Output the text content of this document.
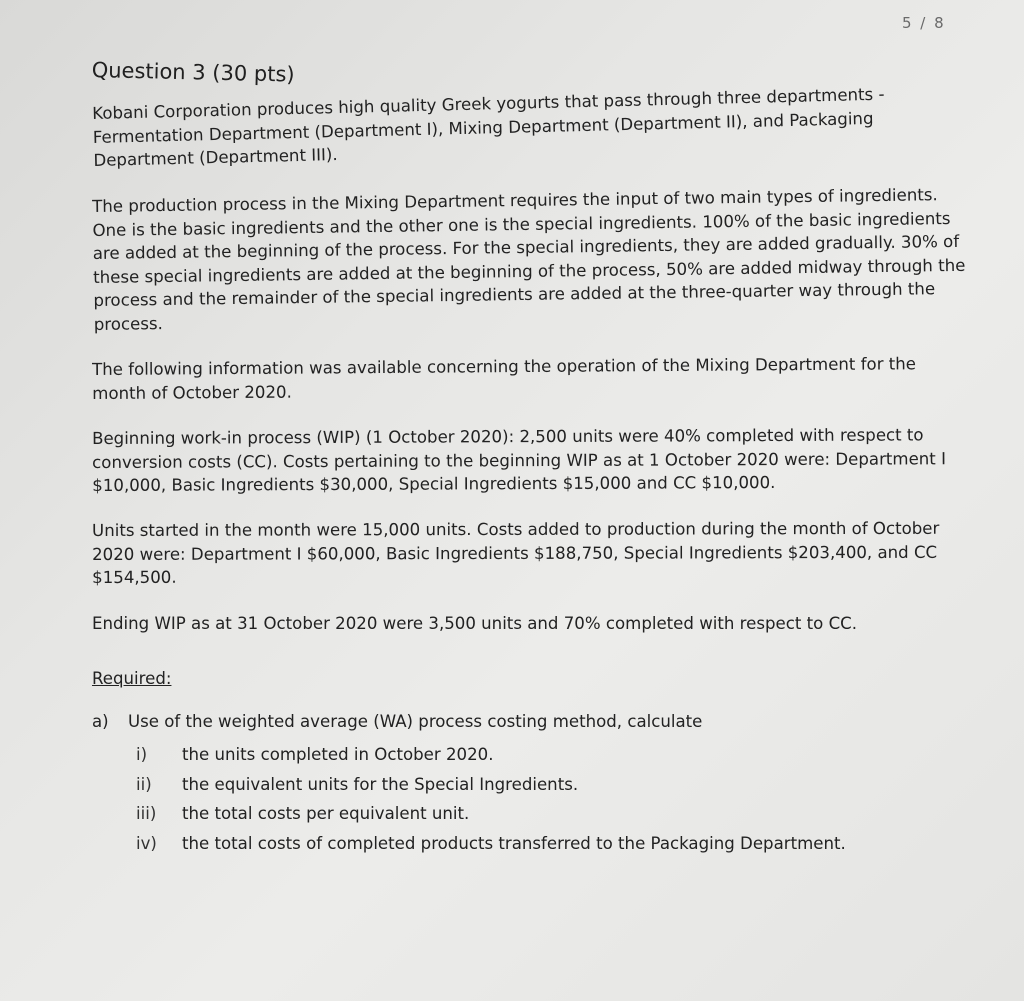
5 / 8
Question 3 (30 pts)

Kobani Corporation produces high quality Greek yogurts that pass through three departments - Fermentation Department (Department I), Mixing Department (Department II), and Packaging Department (Department III).

The production process in the Mixing Department requires the input of two main types of ingredients. One is the basic ingredients and the other one is the special ingredients. 100% of the basic ingredients are added at the beginning of the process. For the special ingredients, they are added gradually. 30% of these special ingredients are added at the beginning of the process, 50% are added midway through the process and the remainder of the special ingredients are added at the three-quarter way through the process.

The following information was available concerning the operation of the Mixing Department for the month of October 2020.

Beginning work-in process (WIP) (1 October 2020): 2,500 units were 40% completed with respect to conversion costs (CC). Costs pertaining to the beginning WIP as at 1 October 2020 were: Department I $10,000, Basic Ingredients $30,000, Special Ingredients $15,000 and CC $10,000.

Units started in the month were 15,000 units. Costs added to production during the month of October 2020 were: Department I $60,000, Basic Ingredients $188,750, Special Ingredients $203,400, and CC $154,500.

Ending WIP as at 31 October 2020 were 3,500 units and 70% completed with respect to CC.

Required:
a)	Use of the weighted average (WA) process costing method, calculate
i)	the units completed in October 2020.
ii)	the equivalent units for the Special Ingredients.
iii)	the total costs per equivalent unit.
iv)	the total costs of completed products transferred to the Packaging Department.
